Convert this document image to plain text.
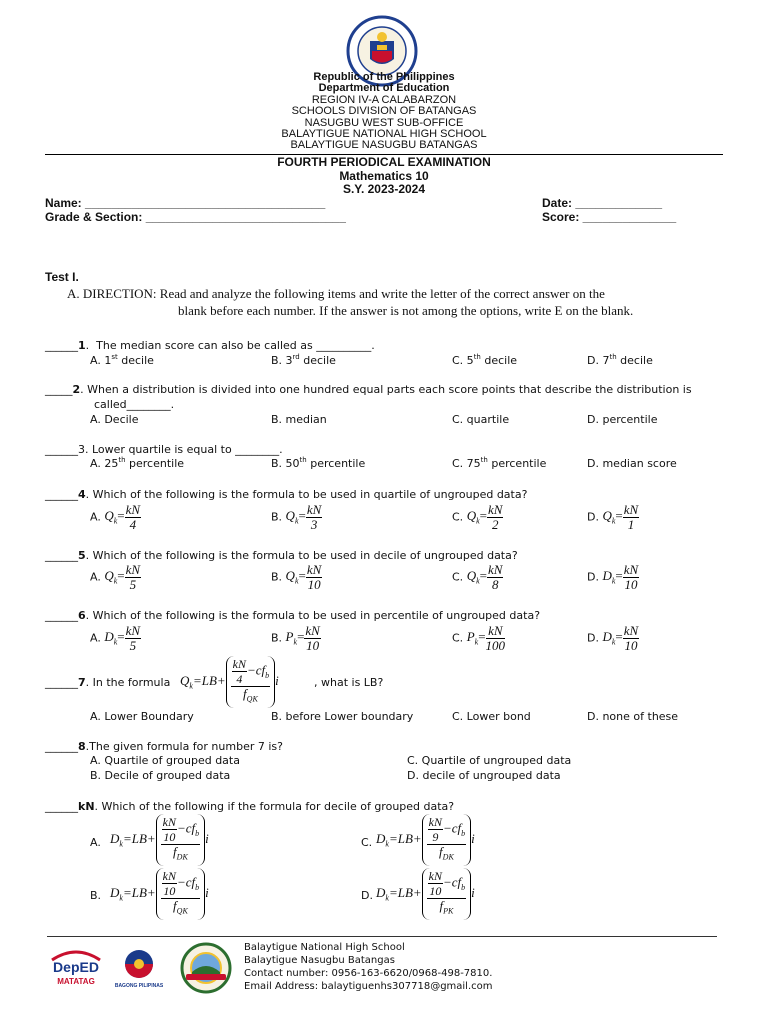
Republic of the Philippines
Department of Education
REGION IV-A CALABARZON
SCHOOLS DIVISION OF BATANGAS
NASUGBU WEST SUB-OFFICE
BALAYTIGUE NATIONAL HIGH SCHOOL
BALAYTIGUE NASUGBU BATANGAS
FOURTH PERIODICAL EXAMINATION
Mathematics 10
S.Y. 2023-2024
Name: ____________________________________	Date: _____________
Grade & Section: ______________________________	Score: ______________
Test I.
A. DIRECTION: Read and analyze the following items and write the letter of the correct answer on the
blank before each number. If the answer is not among the options, write E on the blank.
______1.  The median score can also be called as __________.
A. 1st decile	B. 3rd decile	C. 5th decile	D. 7th decile
_____2. When a distribution is divided into one hundred equal parts each score points that describe the distribution is
called________.
A. Decile	B. median	C. quartile	D. percentile
______3. Lower quartile is equal to ________.
A. 25th percentile	B. 50th percentile	C. 75th percentile	D. median score
______4. Which of the following is the formula to be used in quartile of ungrouped data?
A. $Q_k= \frac{kN}{4}$	B. $Q_k= \frac{kN}{3}$	C. $Q_k= \frac{kN}{2}$	D. $Q_k= \frac{kN}{1}$
______5. Which of the following is the formula to be used in decile of ungrouped data?
A. $Q_k= \frac{kN}{5}$	B. $Q_k= \frac{kN}{10}$	C. $Q_k= \frac{kN}{8}$	D. $D_k= \frac{kN}{10}$
______6. Which of the following is the formula to be used in percentile of ungrouped data?
A. $D_k= \frac{kN}{5}$	B. $P_k= \frac{kN}{10}$	C. $P_k= \frac{kN}{100}$	D. $D_k= \frac{kN}{10}$
______7. In the formula $Q_k=LB+ \frac{\frac{kN}{4} -cf_b}{f_{QK}}$ i	, what is LB?
A. Lower Boundary	B. before Lower boundary	C. Lower bond	D. none of these
______8.The given formula for number 7 is?
A. Quartile of grouped data
B. Decile of grouped data
C. Quartile of ungrouped data
D. decile of ungrouped data
______kN. Which of the following if the formula for decile of grouped data?
A. $D_k=LB+ \frac{\frac{kN}{10} -cf_b}{f_{DK}}$ i	C. $D_k=LB+ \frac{\frac{kN}{9} -cf_b}{f_{DK}}$ i
B. $D_k=LB+ \frac{\frac{kN}{10} -cf_b}{f_{QK}}$ i	D. $D_k=LB+ \frac{\frac{kN}{10} -cf_b}{f_{PK}}$ i
DepED
MATATAG	BAGONG PILIPINAS
Balaytigue National High School
Balaytigue Nasugbu Batangas
Contact number: 0956-163-6620/0968-498-7810.
Email Address: balaytiguenhs307718@gmail.com
